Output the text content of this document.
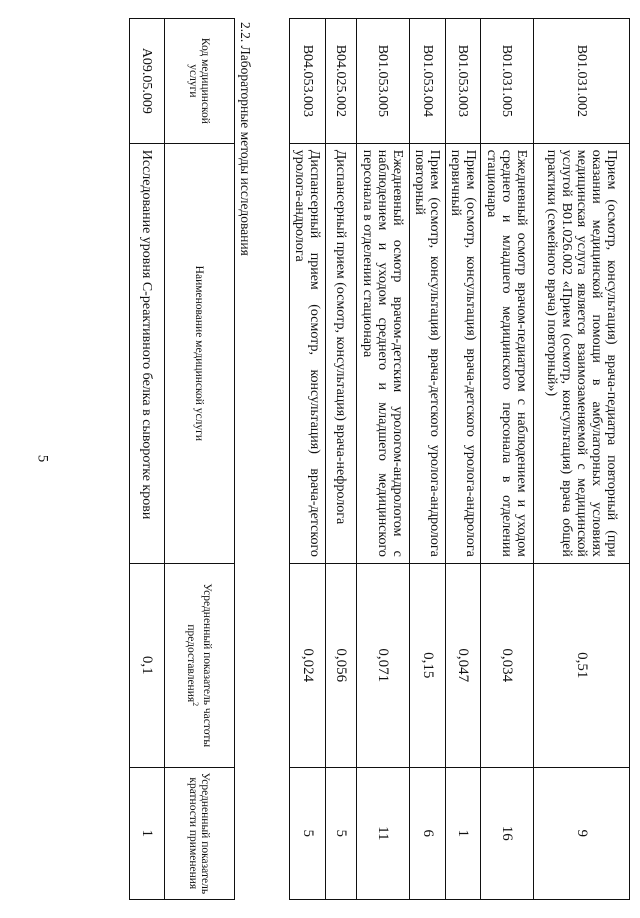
5
B01.031.002	Прием (осмотр, консультация) врача-педиатра повторный (при оказании медицинской помощи в амбулаторных условиях медицинская услуга является взаимозаменяемой с медицинской услугой B01.026.002 «Прием (осмотр, консультация) врача общей практики (семейного врача) повторный»)	0,51	9
B01.031.005	Ежедневный осмотр врачом-педиатром с наблюдением и уходом среднего и младшего медицинского персонала в отделении стационара	0,034	16
B01.053.003	Прием (осмотр, консультация) врача-детского уролога-андролога первичный	0,047	1
B01.053.004	Прием (осмотр, консультация) врача-детского уролога-андролога повторный	0,15	6
B01.053.005	Ежедневный осмотр врачом-детским урологом-андрологом с наблюдением и уходом среднего и младшего медицинского персонала в отделении стационара	0,071	11
B04.025.002	Диспансерный прием (осмотр, консультация) врача-нефролога	0,056	5
B04.053.003	Диспансерный прием (осмотр, консультация) врача-детского уролога-андролога	0,024	5
2.2. Лабораторные методы исследования
Код медицинской услуги	Наименование медицинской услуги	Усредненный показатель частоты предоставления$^2$	Усредненный показатель кратности применения
A09.05.009	Исследование уровня С-реактивного белка в сыворотке крови	0,1	1
